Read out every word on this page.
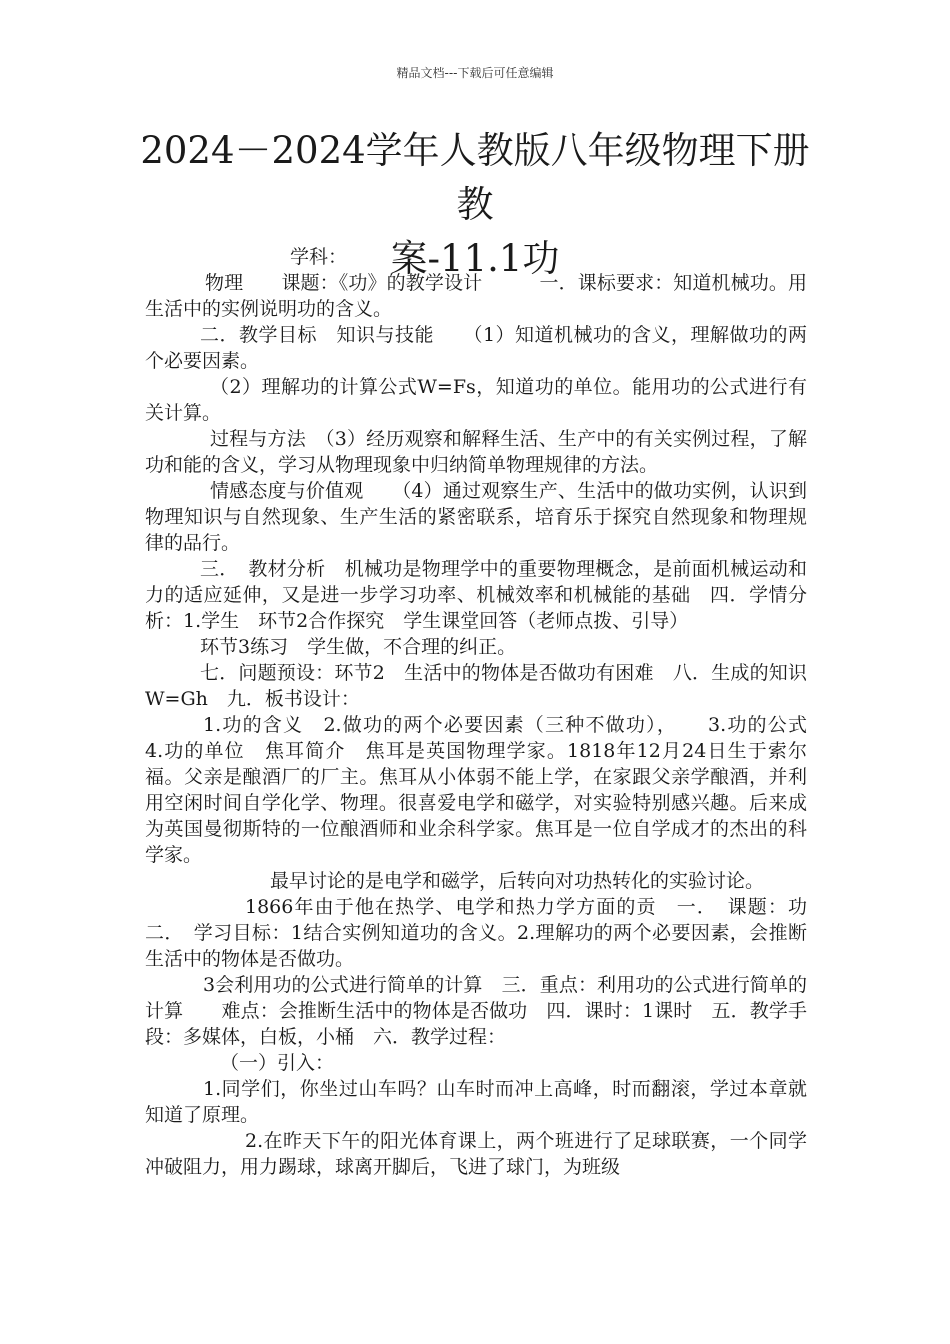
精品文档---下载后可任意编辑
2024－2024学年人教版八年级物理下册教
案-11.1功

学科：

物理　　课题：《功》的教学设计　　　一．课标要求：知道机械功。用生活中的实例说明功的含义。

二．教学目标　知识与技能　　（1）知道机械功的含义，理解做功的两个必要因素。

（2）理解功的计算公式W=Fs，知道功的单位。能用功的公式进行有关计算。

过程与方法　（3）经历观察和解释生活、生产中的有关实例过程，了解功和能的含义，学习从物理现象中归纳简单物理规律的方法。

情感态度与价值观　　（4）通过观察生产、生活中的做功实例，认识到物理知识与自然现象、生产生活的紧密联系，培育乐于探究自然现象和物理规律的品行。

三．　教材分析　机械功是物理学中的重要物理概念，是前面机械运动和力的适应延伸，又是进一步学习功率、机械效率和机械能的基础　四．学情分析：1.学生　环节2合作探究　学生课堂回答（老师点拨、引导）

环节3练习　学生做，不合理的纠正。

七．问题预设：环节2　生活中的物体是否做功有困难　八．生成的知识W=Gh　九．板书设计：

1.功的含义　2.做功的两个必要因素（三种不做功），　　3.功的公式　4.功的单位　焦耳简介　焦耳是英国物理学家。1818年12月24日生于索尔福。父亲是酿酒厂的厂主。焦耳从小体弱不能上学，在家跟父亲学酿酒，并利用空闲时间自学化学、物理。很喜爱电学和磁学，对实验特别感兴趣。后来成为英国曼彻斯特的一位酿酒师和业余科学家。焦耳是一位自学成才的杰出的科学家。

最早讨论的是电学和磁学，后转向对功热转化的实验讨论。

1866年由于他在热学、电学和热力学方面的贡　一．　课题：功　二．　学习目标：1结合实例知道功的含义。2.理解功的两个必要因素，会推断生活中的物体是否做功。

3会利用功的公式进行简单的计算　三．重点：利用功的公式进行简单的计算　　难点：会推断生活中的物体是否做功　四．课时：1课时　五．教学手段：多媒体，白板，小桶　六．教学过程：

（一）引入：

1.同学们，你坐过山车吗？山车时而冲上高峰，时而翻滚，学过本章就知道了原理。

2.在昨天下午的阳光体育课上，两个班进行了足球联赛，一个同学冲破阻力，用力踢球，球离开脚后，飞进了球门，为班级
